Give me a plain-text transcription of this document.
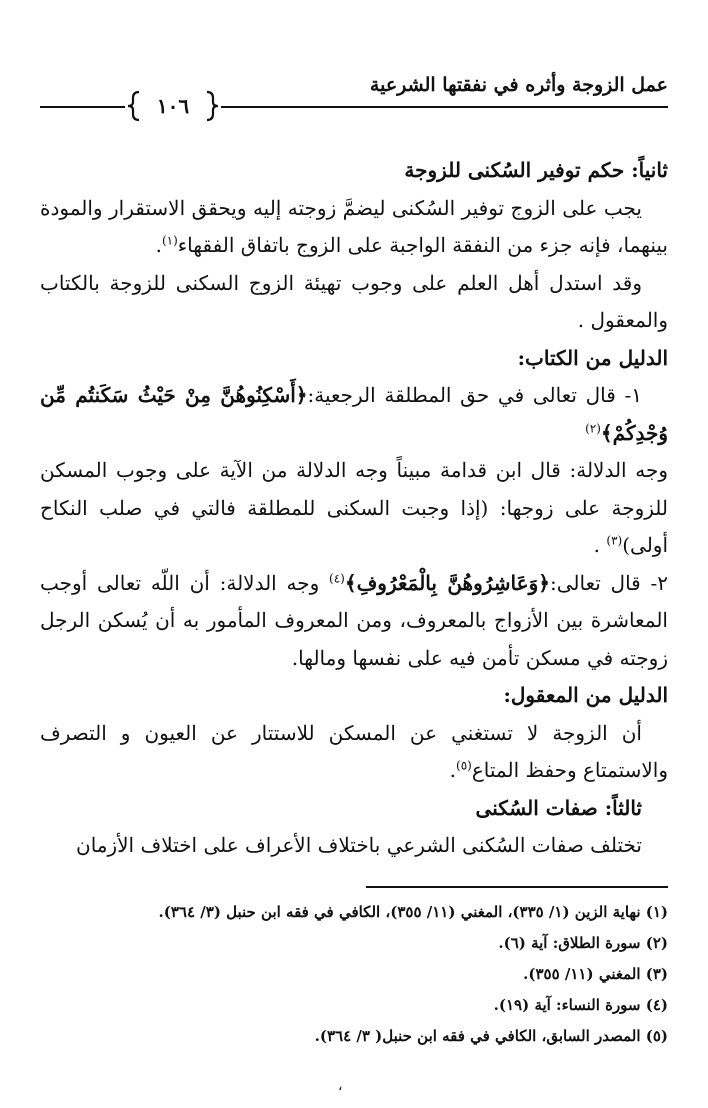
عمل الزوجة وأثره في نفقتها الشرعية
١٠٦

ثانياً: حكم توفير السُكنى للزوجة

يجب على الزوج توفير السُكنى ليضمَّ زوجته إليه ويحقق الاستقرار والمودة بينهما، فإنه جزء من النفقة الواجبة على الزوج باتفاق الفقهاء$^{(١)}$.

وقد استدل أهل العلم على وجوب تهيئة الزوج السكنى للزوجة بالكتاب والمعقول .

الدليل من الكتاب:

١- قال تعالى في حق المطلقة الرجعية:﴿أَسْكِنُوهُنَّ مِنْ حَيْثُ سَكَنتُم مِّن وُجْدِكُمْ﴾$^{(٢)}$

وجه الدلالة: قال ابن قدامة مبيناً وجه الدلالة من الآية على وجوب المسكن للزوجة على زوجها: (إذا وجبت السكنى للمطلقة فالتي في صلب النكاح أولى)$^{(٣)}$ .

٢- قال تعالى:﴿وَعَاشِرُوهُنَّ بِالْمَعْرُوفِ﴾$^{(٤)}$ وجه الدلالة: أن اللّه تعالى أوجب المعاشرة بين الأزواج بالمعروف، ومن المعروف المأمور به أن يُسكن الرجل زوجته في مسكن تأمن فيه على نفسها ومالها.

الدليل من المعقول:

أن الزوجة لا تستغني عن المسكن للاستتار عن العيون و التصرف والاستمتاع وحفظ المتاع$^{(٥)}$.

ثالثاً: صفات السُكنى

تختلف صفات السُكنى الشرعي باختلاف الأعراف على اختلاف الأزمان

(١) نهاية الزين (١/ ٣٣٥)، المغني (١١/ ٣٥٥)، الكافي في فقه ابن حنبل (٣/ ٣٦٤).

(٢) سورة الطلاق: آية (٦).

(٣) المغني (١١/ ٣٥٥).

(٤) سورة النساء: آية (١٩).

(٥) المصدر السابق، الكافي في فقه ابن حنبل( ٣/ ٣٦٤).

،
